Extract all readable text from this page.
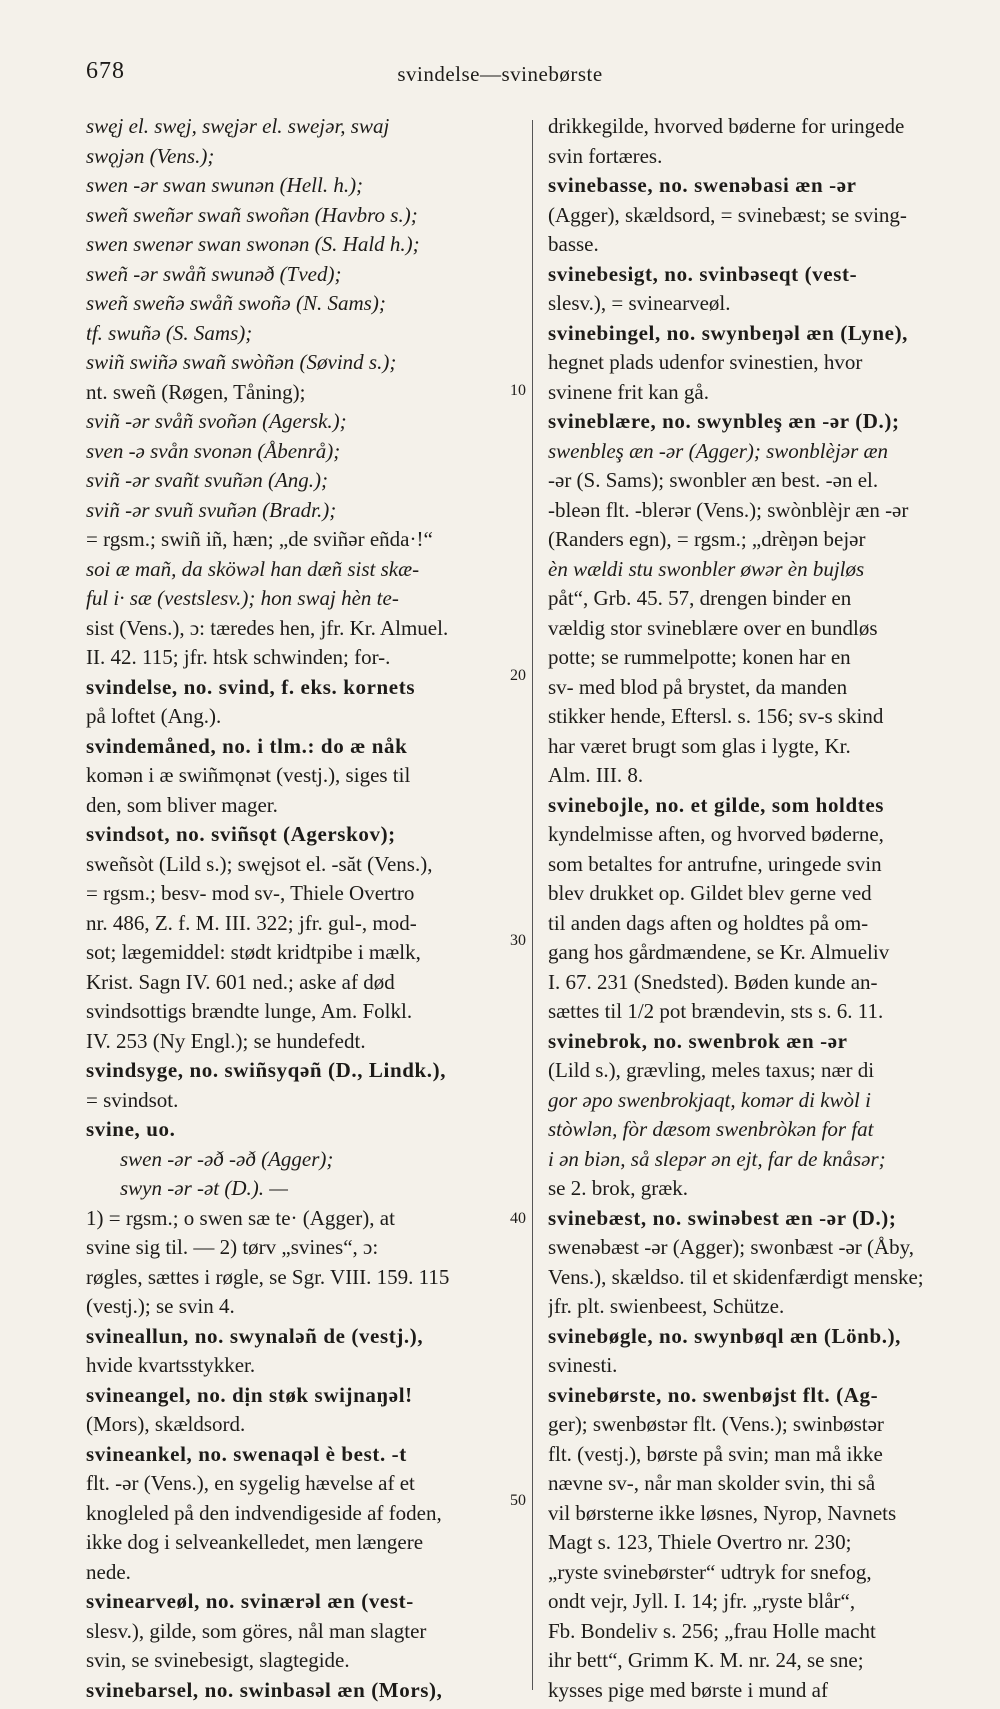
678	svindelse—svinebørste
swęj el. swęj, swęjər el. swejər, swaj
swǫjən (Vens.);
swen -ər swan swunən (Hell. h.);
sweñ sweñər swañ swoñən (Havbro s.);
swen swenər swan swonən (S. Hald h.);
sweñ -ər swåñ swunəð (Tved);
sweñ sweñə swåñ swoñə (N. Sams);
tf. swuñə (S. Sams);
swiñ swiñə swañ swòñən (Søvind s.);
nt. sweñ (Røgen, Tåning);
sviñ -ər svåñ svoñən (Agersk.);
sven -ə svån svonən (Åbenrå);
sviñ -ər svañt svuñən (Ang.);
sviñ -ər svuñ svuñən (Bradr.);
= rgsm.; swiñ iñ, hæn; „de sviñər eñda·!“
soi æ mañ, da sköwəl han dæñ sist skæ-
ful i· sæ (vestslesv.); hon swaj hèn te-
sist (Vens.), ɔ: tæredes hen, jfr. Kr. Almuel.
II. 42. 115; jfr. htsk schwinden; for-.
svindelse, no. svind, f. eks. kornets
på loftet (Ang.).
svindemåned, no. i tlm.: do æ nåk
komən i æ swiñmǫnət (vestj.), siges til
den, som bliver mager.
svindsot, no. sviñsǫt (Agerskov);
sweñsòt (Lild s.); swęjsot el. -săt (Vens.),
= rgsm.; besv- mod sv-, Thiele Overtro
nr. 486, Z. f. M. III. 322; jfr. gul-, mod-
sot; lægemiddel: stødt kridtpibe i mælk,
Krist. Sagn IV. 601 ned.; aske af død
svindsottigs brændte lunge, Am. Folkl.
IV. 253 (Ny Engl.); se hundefedt.
svindsyge, no. swiñsyqəñ (D., Lindk.),
= svindsot.
svine, uo.
swen -ər -əð -əð (Agger);
swyn -ər -ət (D.). —
1) = rgsm.; o swen sæ te· (Agger), at
svine sig til. — 2) tørv „svines“, ɔ:
røgles, sættes i røgle, se Sgr. VIII. 159. 115
(vestj.); se svin 4.
svineallun, no. swynaləñ de (vestj.),
hvide kvartsstykker.
svineangel, no. dịn støk swijnaŋəl!
(Mors), skældsord.
svineankel, no. swenaqəl è best. -t
flt. -ər (Vens.), en sygelig hævelse af et
knogleled på den indvendigeside af foden,
ikke dog i selveankelledet, men længere
nede.
svinearveøl, no. svinærəl æn (vest-
slesv.), gilde, som göres, nål man slagter
svin, se svinebesigt, slagtegide.
svinebarsel, no. swinbasəl æn (Mors),
drikkegilde, hvorved bøderne for uringede
svin fortæres.
svinebasse, no. swenəbasi æn -ər
(Agger), skældsord, = svinebæst; se sving-
basse.
svinebesigt, no. svinbəseqt (vest-
slesv.), = svinearveøl.
svinebingel, no. swynbeŋəl æn (Lyne),
hegnet plads udenfor svinestien, hvor
svinene frit kan gå.
svineblære, no. swynbleş æn -ər (D.);
swenbleş æn -ər (Agger); swonblèjər æn
-ər (S. Sams); swonbler æn best. -ən el.
-bleən flt. -blerər (Vens.); swònblèjr æn -ər
(Randers egn), = rgsm.; „drèŋən bejər
èn wældi stu swonbler øwər èn bujløs
påt“, Grb. 45. 57, drengen binder en
vældig stor svineblære over en bundløs
potte; se rummelpotte; konen har en
sv- med blod på brystet, da manden
stikker hende, Eftersl. s. 156; sv-s skind
har været brugt som glas i lygte, Kr.
Alm. III. 8.
svinebojle, no. et gilde, som holdtes
kyndelmisse aften, og hvorved bøderne,
som betaltes for antrufne, uringede svin
blev drukket op. Gildet blev gerne ved
til anden dags aften og holdtes på om-
gang hos gårdmændene, se Kr. Almueliv
I. 67. 231 (Snedsted). Bøden kunde an-
sættes til 1/2 pot brændevin, sts s. 6. 11.
svinebrok, no. swenbrok æn -ər
(Lild s.), grævling, meles taxus; nær di
gor əpo swenbrokjaqt, komər di kwòl i
stòwlən, fòr dæsom swenbròkən for fat
i ən biən, så slepər ən ejt, far de knåsər;
se 2. brok, græk.
svinebæst, no. swinəbest æn -ər (D.);
swenəbæst -ər (Agger); swonbæst -ər (Åby,
Vens.), skældso. til et skidenfærdigt menske;
jfr. plt. swienbeest, Schütze.
svinebøgle, no. swynbøql æn (Lönb.),
svinesti.
svinebørste, no. swenbøjst flt. (Ag-
ger); swenbøstər flt. (Vens.); swinbøstər
flt. (vestj.), børste på svin; man må ikke
nævne sv-, når man skolder svin, thi så
vil børsterne ikke løsnes, Nyrop, Navnets
Magt s. 123, Thiele Overtro nr. 230;
„ryste svinebørster“ udtryk for snefog,
ondt vejr, Jyll. I. 14; jfr. „ryste blår“,
Fb. Bondeliv s. 256; „frau Holle macht
ihr bett“, Grimm K. M. nr. 24, se sne;
kysses pige med børste i mund af
10
20
30
40
50
